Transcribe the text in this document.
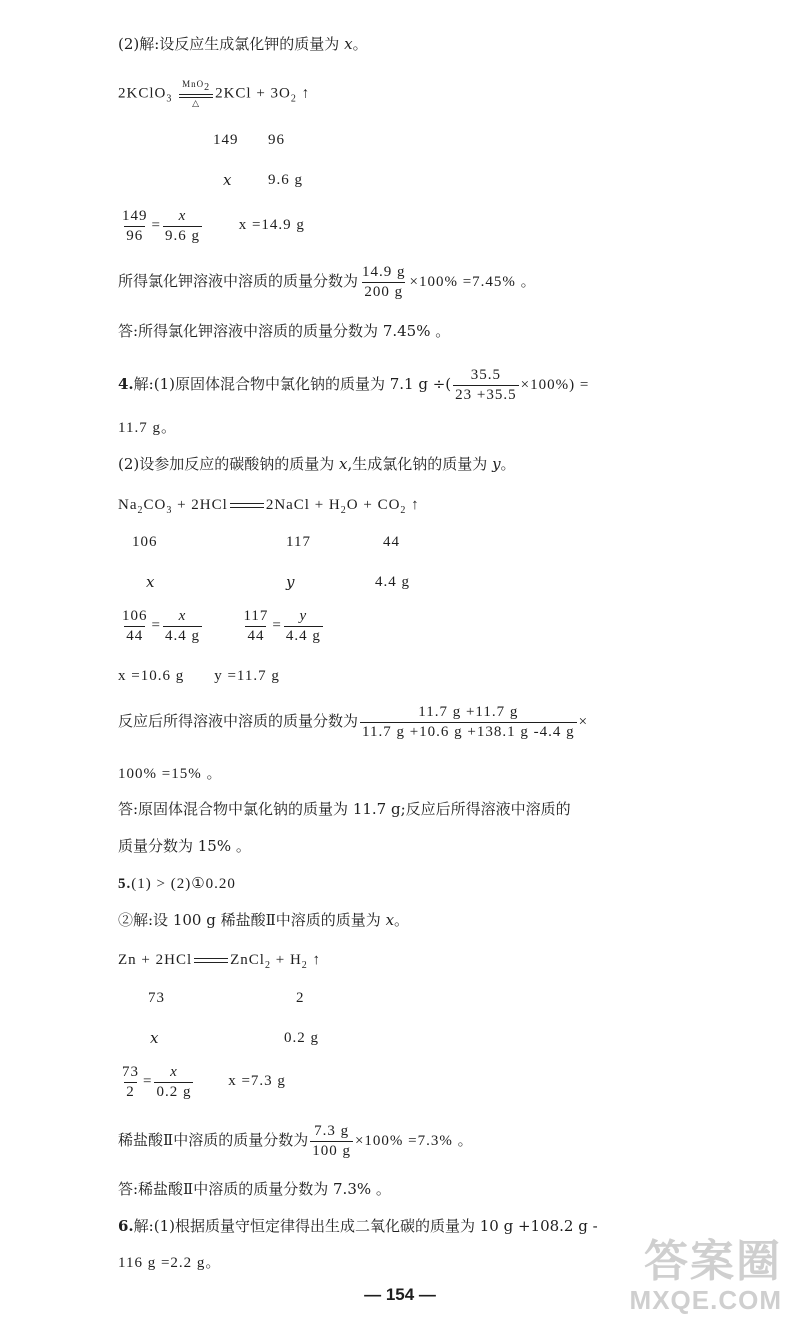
(2)解:设反应生成氯化钾的质量为 x。
2KClO$_3$
MnO$_2$
△
$2KCl + 3O_2$ ↑
149 96
x 9.6 g
$\frac{149}{96} = \frac{x}{9.6 g}$ x =14.9 g
所得氯化钾溶液中溶质的质量分数为 $\frac{14.9 g}{200 g} \times 100\% =7.45\%$ 。
答:所得氯化钾溶液中溶质的质量分数为 7.45% 。
4.解:(1)原固体混合物中氯化钠的质量为 7.1 g ÷( $\frac{35.5}{23 +35.5} \times 100\%$) =
11.7 g。
(2)设参加反应的碳酸钠的质量为 x,生成氯化钠的质量为 y。
$Na_2CO_3 + 2HCl$	2NaCl + $H_2O + CO_2$ ↑
106	117	44
x	y	4.4 g
$\frac{106}{44} = \frac{x}{4.4 g}$
	$\frac{117}{44} = \frac{y}{4.4 g}$
x =10.6 g y =11.7 g
反应后所得溶液中溶质的质量分数为 $\frac{11.7 g +11.7 g}{11.7 g +10.6 g +138.1 g -4.4 g}$ ×
100% =15% 。
答:原固体混合物中氯化钠的质量为 11.7 g;反应后所得溶液中溶质的
质量分数为 15% 。
5.(1) > (2)①0.20
②解:设 100 g 稀盐酸Ⅱ中溶质的质量为 x。
Zn + 2HCl	ZnCl$_2$ + $H_2$ ↑
73	2
x	0.2 g
$\frac{73}{2} = \frac{x}{0.2 g}$ x =7.3 g
稀盐酸Ⅱ中溶质的质量分数为 $\frac{7.3 g}{100 g} \times 100\% =7.3\%$ 。
答:稀盐酸Ⅱ中溶质的质量分数为 7.3% 。
6.解:(1)根据质量守恒定律得出生成二氧化碳的质量为 10 g +108.2 g -
116 g =2.2 g。
— 154 —
答案圈
MXQE.COM
